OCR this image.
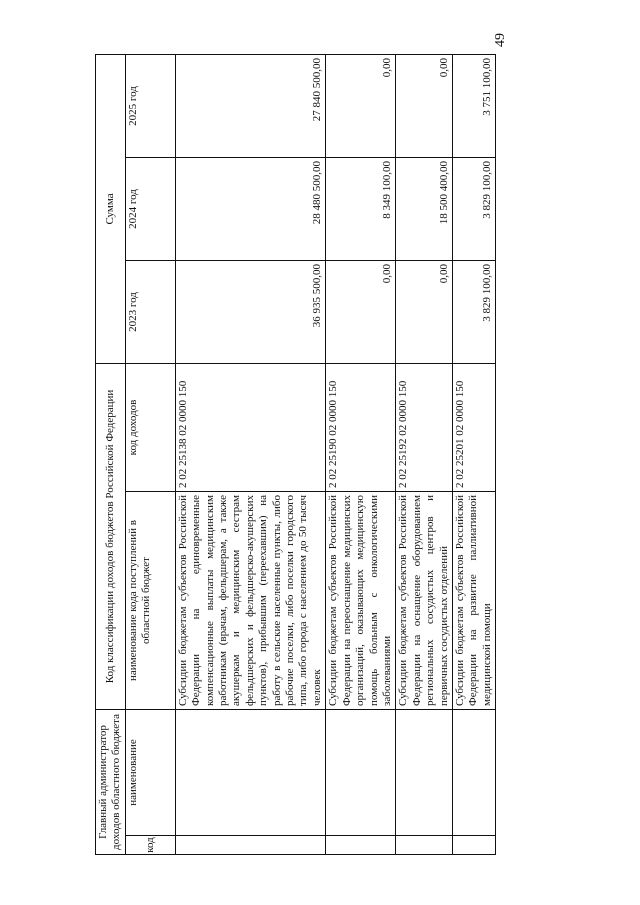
49
Главный администратор доходов областного бюджета		Код классификации доходов бюджетов Российской Федерации		Сумма		
код	наименование	наименование кода поступлений в областной бюджет	код доходов	2023 год	2024 год	2025 год
		Субсидии бюджетам субъектов Российской Федерации на единовременные компенсационные выплаты медицинским работникам (врачам, фельдшерам, а также акушеркам и медицинским сестрам фельдшерских и фельдшерско-акушерских пунктов), прибывшим (переехавшим) на работу в сельские населенные пункты, либо рабочие поселки, либо поселки городского типа, либо города с населением до 50 тысяч человек	2 02 25138 02 0000 150	36 935 500,00	28 480 500,00	27 840 500,00
		Субсидии бюджетам субъектов Российской Федерации на переоснащение медицинских организаций, оказывающих медицинскую помощь больным с онкологическими заболеваниями	2 02 25190 02 0000 150	0,00	8 349 100,00	0,00
		Субсидии бюджетам субъектов Российской Федерации на оснащение оборудованием региональных сосудистых центров и первичных сосудистых отделений	2 02 25192 02 0000 150	0,00	18 500 400,00	0,00
		Субсидии бюджетам субъектов Российской Федерации на развитие паллиативной медицинской помощи	2 02 25201 02 0000 150	3 829 100,00	3 829 100,00	3 751 100,00
